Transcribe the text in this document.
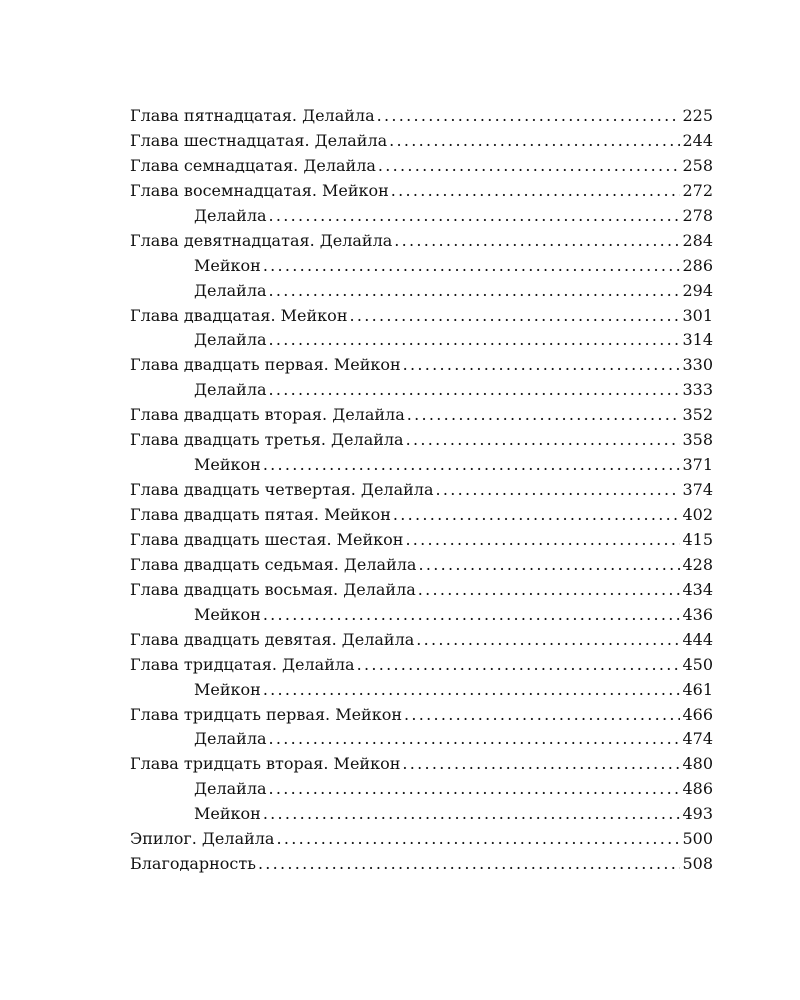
Глава пятнадцатая. Делайла . . .	225
Глава шестнадцатая. Делайла . . .	244
Глава семнадцатая. Делайла . . .	258
Глава восемнадцатая. Мейкон . . .	272
Делайла . . .	278
Глава девятнадцатая. Делайла . . .	284
Мейкон . . .	286
Делайла . . .	294
Глава двадцатая. Мейкон . . .	301
Делайла . . .	314
Глава двадцать первая. Мейкон . . .	330
Делайла . . .	333
Глава двадцать вторая. Делайла . . .	352
Глава двадцать третья. Делайла . . .	358
Мейкон . . .	371
Глава двадцать четвертая. Делайла . . .	374
Глава двадцать пятая. Мейкон . . .	402
Глава двадцать шестая. Мейкон . . .	415
Глава двадцать седьмая. Делайла . . .	428
Глава двадцать восьмая. Делайла . . .	434
Мейкон . . .	436
Глава двадцать девятая. Делайла . . .	444
Глава тридцатая. Делайла . . .	450
Мейкон . . .	461
Глава тридцать первая. Мейкон . . .	466
Делайла . . .	474
Глава тридцать вторая. Мейкон . . .	480
Делайла . . .	486
Мейкон . . .	493
Эпилог. Делайла . . .	500
Благодарность . . .	508
